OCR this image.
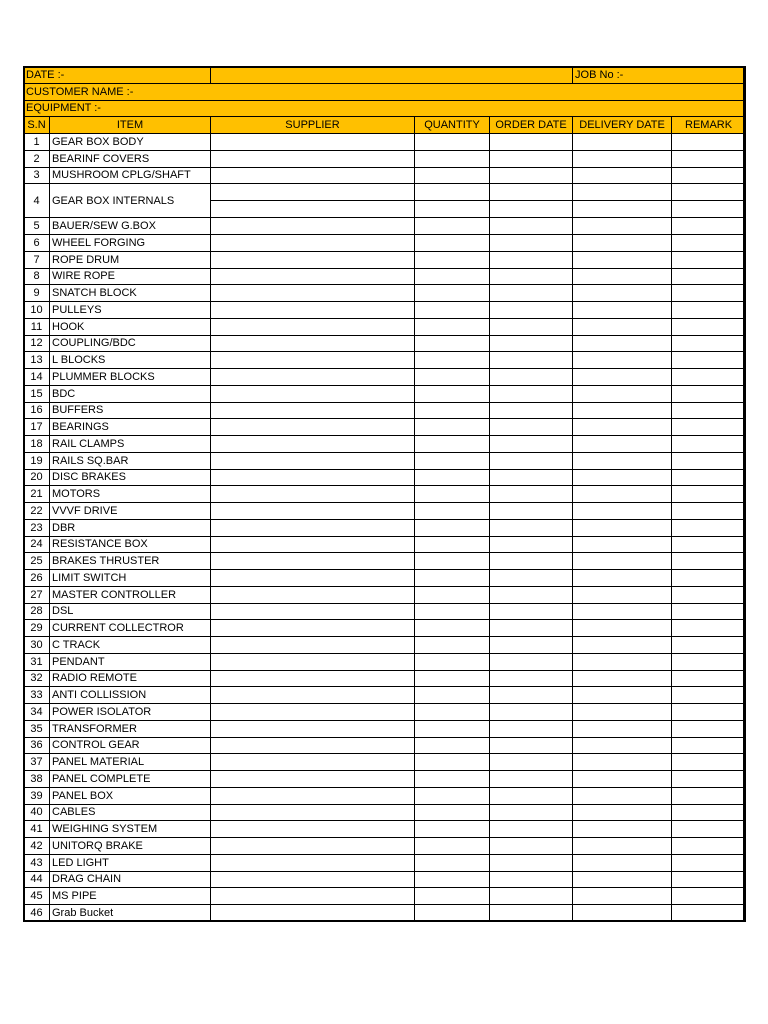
DATE :-					JOB No :-	
CUSTOMER NAME :-						
EQUIPMENT :-						
S.N	ITEM	SUPPLIER	QUANTITY	ORDER DATE	DELIVERY DATE	REMARK
1	GEAR BOX BODY					
2	BEARINF COVERS					
3	MUSHROOM CPLG/SHAFT					
4	GEAR BOX INTERNALS	

5	BAUER/SEW G.BOX					
6	WHEEL FORGING					
7	ROPE DRUM					
8	WIRE ROPE					
9	SNATCH BLOCK					
10	PULLEYS					
11	HOOK					
12	COUPLING/BDC					
13	L BLOCKS					
14	PLUMMER BLOCKS					
15	BDC					
16	BUFFERS					
17	BEARINGS					
18	RAIL CLAMPS					
19	RAILS SQ.BAR					
20	DISC BRAKES					
21	MOTORS					
22	VVVF DRIVE					
23	DBR					
24	RESISTANCE BOX					
25	BRAKES THRUSTER					
26	LIMIT SWITCH					
27	MASTER CONTROLLER					
28	DSL					
29	CURRENT COLLECTROR					
30	C TRACK					
31	PENDANT					
32	RADIO REMOTE					
33	ANTI COLLISSION					
34	POWER ISOLATOR					
35	TRANSFORMER					
36	CONTROL GEAR					
37	PANEL MATERIAL					
38	PANEL COMPLETE					
39	PANEL BOX					
40	CABLES					
41	WEIGHING SYSTEM					
42	UNITORQ BRAKE					
43	LED LIGHT					
44	DRAG CHAIN					
45	MS PIPE					
46	Grab Bucket					
